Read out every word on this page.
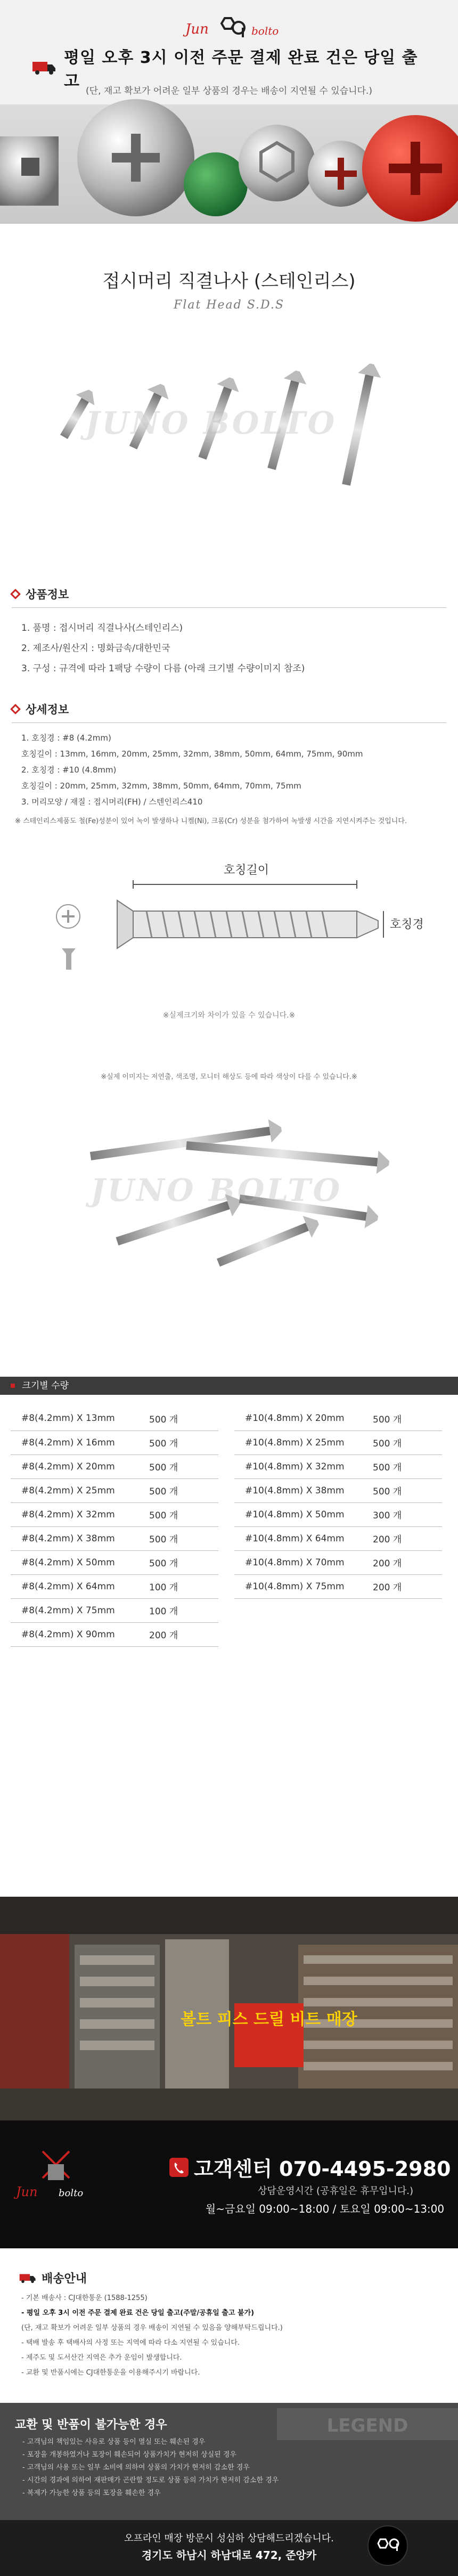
Jun	bolto
평일 오후 3시 이전 주문 결제 완료 건은 당일 출고
(단, 재고 확보가 어려운 일부 상품의 경우는 배송이 지연될 수 있습니다.)
접시머리 직결나사 (스테인리스)
Flat Head S.D.S
JUNO BOLTO
상품정보
1. 품명 : 접시머리 직결나사(스테인리스)
2. 제조사/원산지 : 명화금속/대한민국
3. 구성 : 규격에 따라 1팩당 수량이 다름 (아래 크기별 수량이미지 참조)
상세정보
1. 호칭경 : #8 (4.2mm)
호칭길이 : 13mm, 16mm, 20mm, 25mm, 32mm, 38mm, 50mm, 64mm, 75mm, 90mm
2. 호칭경 : #10 (4.8mm)
호칭길이 : 20mm, 25mm, 32mm, 38mm, 50mm, 64mm, 70mm, 75mm
3. 머리모양 / 재질 : 접시머리(FH) / 스텐인리스410
※ 스테인리스제품도 철(Fe)성분이 있어 녹이 발생하나 니켈(Ni), 크롬(Cr) 성분을 첨가하여 녹발생 시간을 지연시켜주는 것입니다.
호칭길이
호칭경
※실제크기와 차이가 있을 수 있습니다.※
※실제 이미지는 저연출, 색조명, 모니터 해상도 등에 따라 색상이 다를 수 있습니다.※
JUNO BOLTO
크기별 수량
#8(4.2mm) X 13mm	500 개
#8(4.2mm) X 16mm	500 개
#8(4.2mm) X 20mm	500 개
#8(4.2mm) X 25mm	500 개
#8(4.2mm) X 32mm	500 개
#8(4.2mm) X 38mm	500 개
#8(4.2mm) X 50mm	500 개
#8(4.2mm) X 64mm	100 개
#8(4.2mm) X 75mm	100 개
#8(4.2mm) X 90mm	200 개
#10(4.8mm) X 20mm	500 개
#10(4.8mm) X 25mm	500 개
#10(4.8mm) X 32mm	500 개
#10(4.8mm) X 38mm	500 개
#10(4.8mm) X 50mm	300 개
#10(4.8mm) X 64mm	200 개
#10(4.8mm) X 70mm	200 개
#10(4.8mm) X 75mm	200 개
볼트 피스 드릴 비트 매장
Jun bolto
고객센터 070-4495-2980
상담운영시간 (공휴일은 휴무입니다.)
월~금요일 09:00~18:00 / 토요일 09:00~13:00
배송안내
- 기본 배송사 : CJ대한통운 (1588-1255)
- 평일 오후 3시 이전 주문 결제 완료 건은 당일 출고(주말/공휴일 출고 불가)
(단, 재고 확보가 어려운 일부 상품의 경우 배송이 지연될 수 있음을 양해부탁드립니다.)
- 택배 발송 후 택배사의 사정 또는 지역에 따라 다소 지연될 수 있습니다.
- 제주도 및 도서산간 지역은 추가 운임이 발생합니다.
- 교환 및 반품시에는 CJ대한통운을 이용해주시기 바랍니다.
LEGEND
교환 및 반품이 불가능한 경우
- 고객님의 책임있는 사유로 상품 등이 멸실 또는 훼손된 경우
- 포장을 개봉하였거나 포장이 훼손되어 상품가치가 현저히 상실된 경우
- 고객님의 사용 또는 일부 소비에 의하여 상품의 가치가 현저히 감소한 경우
- 시간의 경과에 의하여 재판매가 곤란할 정도로 상품 등의 가치가 현저히 감소한 경우
- 복제가 가능한 상품 등의 포장을 훼손한 경우
오프라인 매장 방문시 성심하 상담해드리겠습니다.
경기도 하남시 하남대로 472, 준앙카
